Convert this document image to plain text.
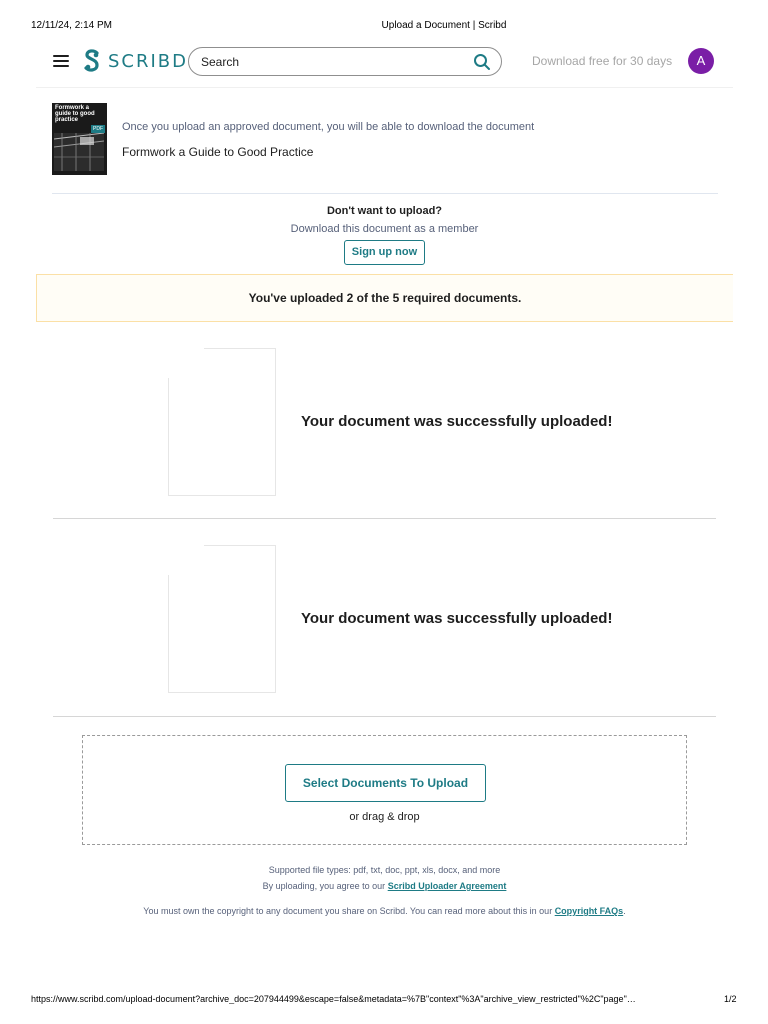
12/11/24, 2:14 PM	Upload a Document | Scribd
SCRIBD
Search	Download free for 30 days	A
Formwork a guide to good practice
PDF Once you upload an approved document, you will be able to download the document
Formwork a Guide to Good Practice
Don't want to upload?
Download this document as a member
Sign up now
You've uploaded 2 of the 5 required documents.
Your document was successfully uploaded!
Your document was successfully uploaded!
Select Documents To Upload
or drag & drop
Supported file types: pdf, txt, doc, ppt, xls, docx, and more
By uploading, you agree to our Scribd Uploader Agreement
You must own the copyright to any document you share on Scribd. You can read more about this in our Copyright FAQs.
https://www.scribd.com/upload-document?archive_doc=207944499&escape=false&metadata=%7B"context"%3A"archive_view_restricted"%2C"page"…	1/2
